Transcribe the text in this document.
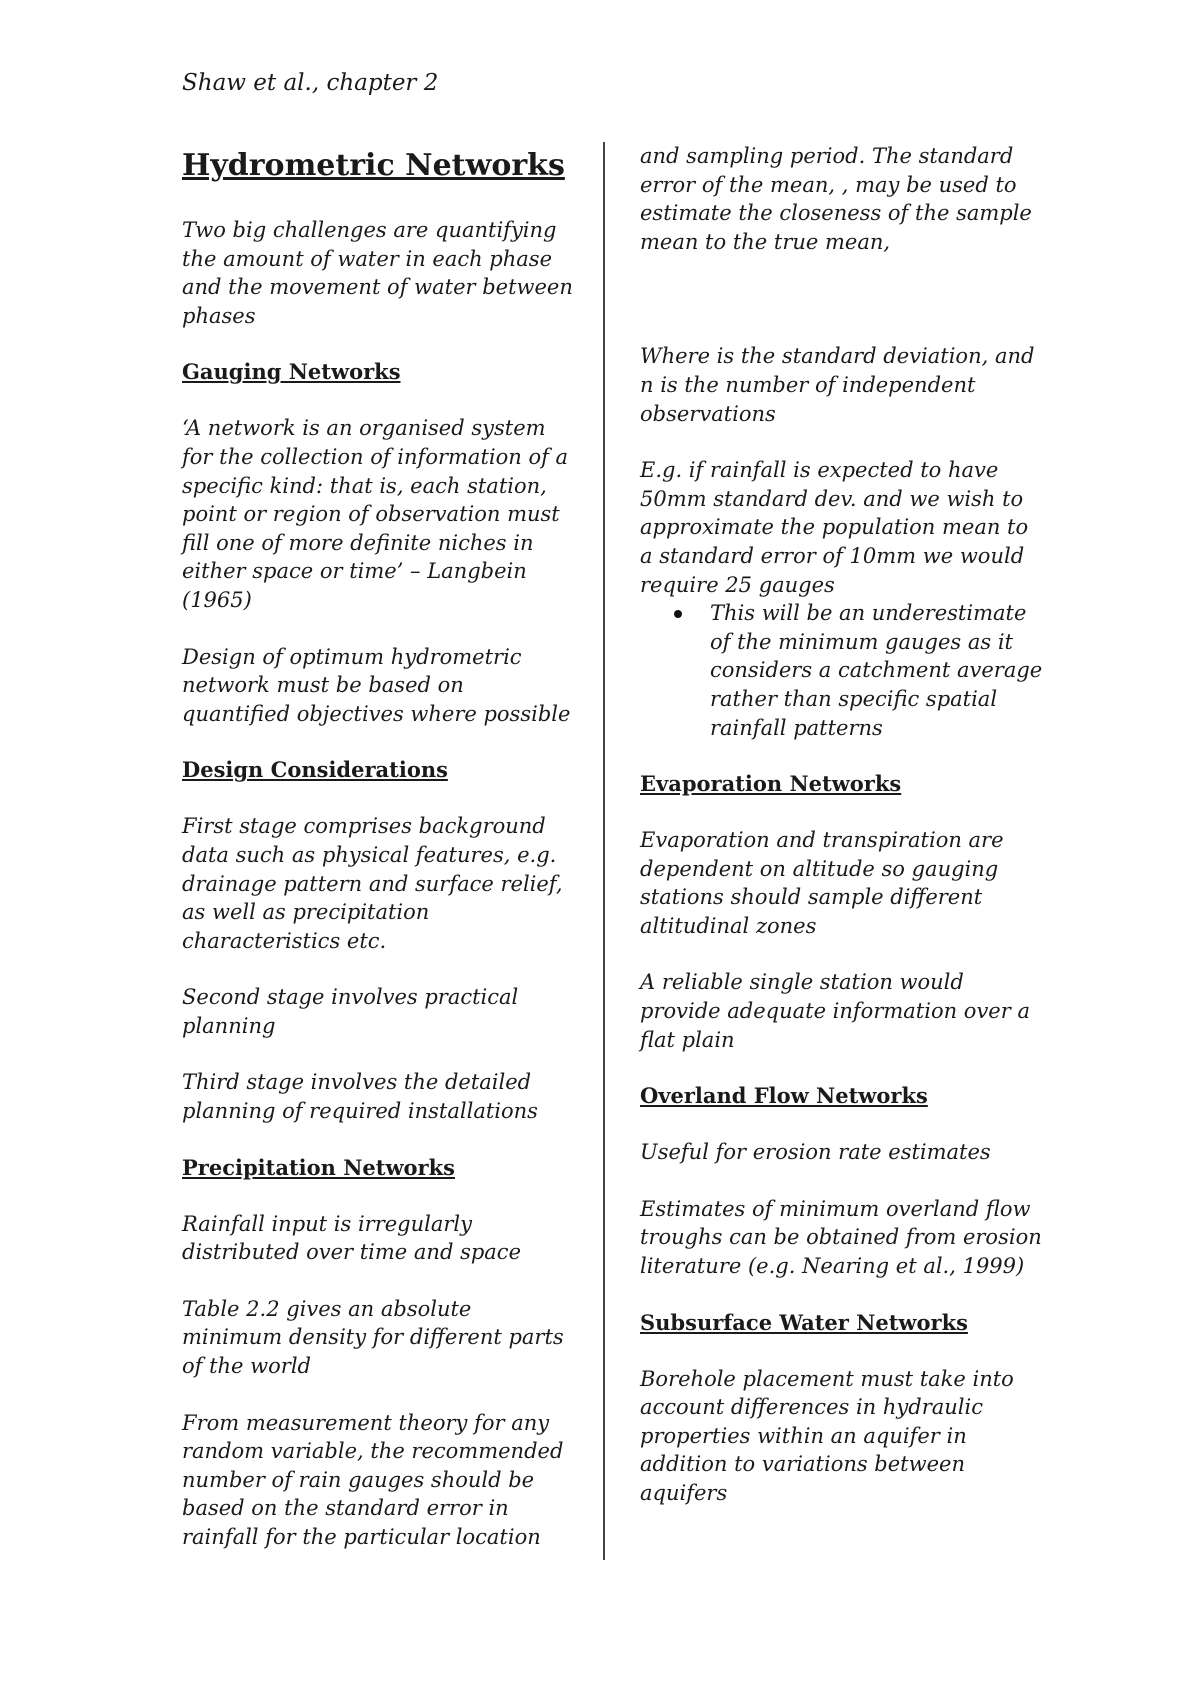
Shaw et al., chapter 2
Hydrometric Networks
Two big challenges are quantifying the amount of water in each phase and the movement of water between phases
Gauging Networks
‘A network is an organised system for the collection of information of a specific kind: that is, each station, point or region of observation must fill one of more definite niches in either space or time’ – Langbein (1965)
Design of optimum hydrometric network must be based on quantified objectives where possible
Design Considerations
First stage comprises background data such as physical features, e.g. drainage pattern and surface relief, as well as precipitation characteristics etc.
Second stage involves practical planning
Third stage involves the detailed planning of required installations
Precipitation Networks
Rainfall input is irregularly distributed over time and space
Table 2.2 gives an absolute minimum density for different parts of the world
From measurement theory for any random variable, the recommended number of rain gauges should be based on the standard error in rainfall for the particular location
and sampling period. The standard error of the mean, , may be used to estimate the closeness of the sample mean to the true mean,
Where is the standard deviation, and n is the number of independent observations
E.g. if rainfall is expected to have 50mm standard dev. and we wish to approximate the population mean to a standard error of 10mm we would require 25 gauges
This will be an underestimate of the minimum gauges as it considers a catchment average rather than specific spatial rainfall patterns
Evaporation Networks
Evaporation and transpiration are dependent on altitude so gauging stations should sample different altitudinal zones
A reliable single station would provide adequate information over a flat plain
Overland Flow Networks
Useful for erosion rate estimates
Estimates of minimum overland flow troughs can be obtained from erosion literature (e.g. Nearing et al., 1999)
Subsurface Water Networks
Borehole placement must take into account differences in hydraulic properties within an aquifer in addition to variations between aquifers
